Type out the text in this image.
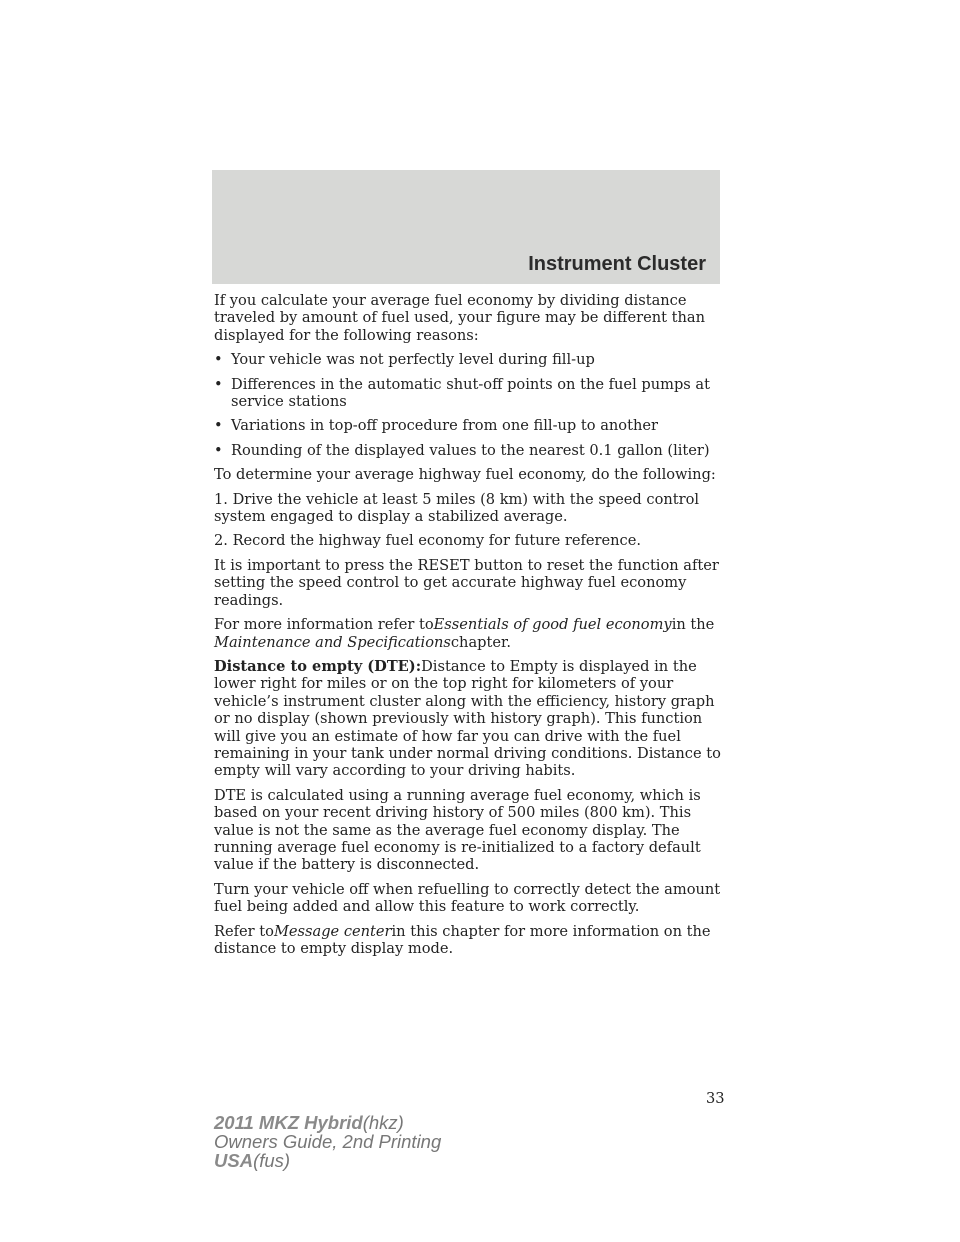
Instrument Cluster

If you calculate your average fuel economy by dividing distance traveled by amount of fuel used, your figure may be different than displayed for the following reasons:

• Your vehicle was not perfectly level during fill-up
• Differences in the automatic shut-off points on the fuel pumps at service stations
• Variations in top-off procedure from one fill-up to another
• Rounding of the displayed values to the nearest 0.1 gallon (liter)

To determine your average highway fuel economy, do the following:

1. Drive the vehicle at least 5 miles (8 km) with the speed control system engaged to display a stabilized average.

2. Record the highway fuel economy for future reference.

It is important to press the RESET button to reset the function after setting the speed control to get accurate highway fuel economy readings.

For more information refer toEssentials of good fuel economyin the Maintenance and Specificationschapter.

Distance to empty (DTE):Distance to Empty is displayed in the lower right for miles or on the top right for kilometers of your vehicle’s instrument cluster along with the efficiency, history graph or no display (shown previously with history graph). This function will give you an estimate of how far you can drive with the fuel remaining in your tank under normal driving conditions. Distance to empty will vary according to your driving habits.

DTE is calculated using a running average fuel economy, which is based on your recent driving history of 500 miles (800 km). This value is not the same as the average fuel economy display. The running average fuel economy is re-initialized to a factory default value if the battery is disconnected.

Turn your vehicle off when refuelling to correctly detect the amount fuel being added and allow this feature to work correctly.

Refer toMessage centerin this chapter for more information on the distance to empty display mode.

33
2011 MKZ Hybrid(hkz)
Owners Guide, 2nd Printing
USA(fus)
